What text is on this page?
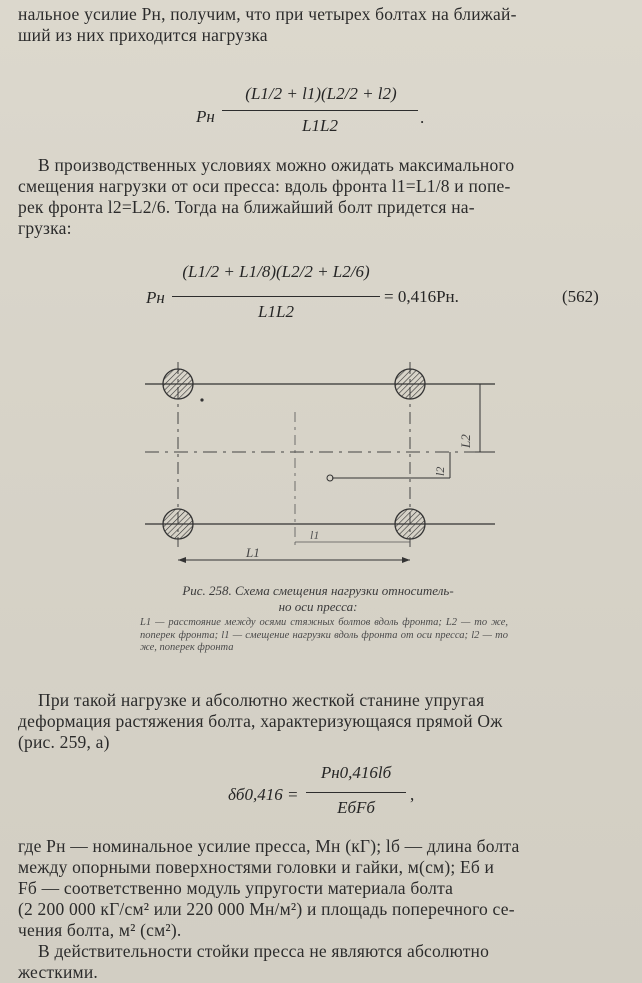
нальное усилие Pн, получим, что при четырех болтах на ближай-
ший из них приходится нагрузка
Pн
(L1/2 + l1)(L2/2 + l2)
L1L2	.
В производственных условиях можно ожидать максимального
смещения нагрузки от оси пресса: вдоль фронта l1=L1/8 и попе-
рек фронта l2=L2/6. Тогда на ближайший болт придется на-
грузка:
Pн
(L1/2 + L1/8)(L2/2 + L2/6)
L1L2
= 0,416Pн.	(562)
L2
l2
L1
l1
Рис. 258. Схема смещения нагрузки относитель-
но оси пресса:
L1 — расстояние между осями стяжных болтов вдоль фронта; L2 — то же, поперек фронта; l1 — смещение нагрузки вдоль фронта от оси пресса; l2 — то же, поперек фронта
При такой нагрузке и абсолютно жесткой станине упругая
деформация растяжения болта, характеризующаяся прямой Ож
(рис. 259, а)
δб0,416 =
Pн0,416lб
EбFб
,
где Pн — номинальное усилие пресса, Мн (кГ); lб — длина болта
между опорными поверхностями головки и гайки, м(см); Eб и
Fб — соответственно модуль упругости материала болта
(2 200 000 кГ/см² или 220 000 Мн/м²) и площадь поперечного се-
чения болта, м² (см²).
В действительности стойки пресса не являются абсолютно
жесткими.
